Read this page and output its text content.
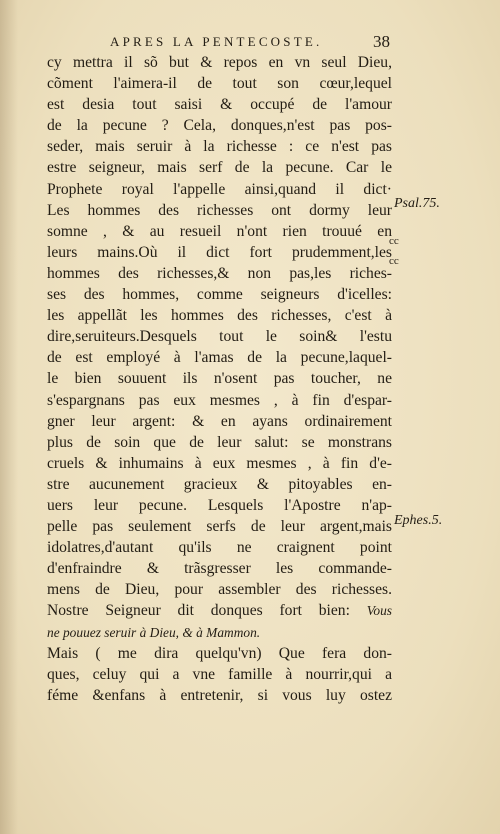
APRES LA PENTECOSTE.	38
cy mettra il sõ but & repos en vn seul Dieu,
cõment l'aimera-il de tout son cœur,lequel
est desia tout saisi & occupé de l'amour
de la pecune ? Cela, donques,n'est pas pos-
seder, mais seruir à la richesse : ce n'est pas
estre seigneur, mais serf de la pecune. Car le
Prophete royal l'appelle ainsi,quand il dict·
Les hommes des richesses ont dormy leur
somne , & au resueil n'ont rien trouué en
leurs mains.Où il dict fort prudemment,les
hommes des richesses,& non pas,les riches-
ses des hommes, comme seigneurs d'icelles:
les appellãt les hommes des richesses, c'est à
dire,seruiteurs.Desquels tout le soin& l'estu
de est employé à l'amas de la pecune,laquel-
le bien souuent ils n'osent pas toucher, ne
s'espargnans pas eux mesmes , à fin d'espar-
gner leur argent: & en ayans ordinairement
plus de soin que de leur salut: se monstrans
cruels & inhumains à eux mesmes , à fin d'e-
stre aucunement gracieux & pitoyables en-
uers leur pecune. Lesquels l'Apostre n'ap-
pelle pas seulement serfs de leur argent,mais
idolatres,d'autant qu'ils ne craignent point
d'enfraindre & trãsgresser les commande-
mens de Dieu, pour assembler des richesses.
Nostre Seigneur dit donques fort bien: Vous
ne pouuez seruir à Dieu, & à Mammon.
Mais ( me dira quelqu'vn) Que fera don-
ques, celuy qui a vne famille à nourrir,qui a
féme &enfans à entretenir, si vous luy ostez
Psal.75.
cc
cc
Ephes.5.
